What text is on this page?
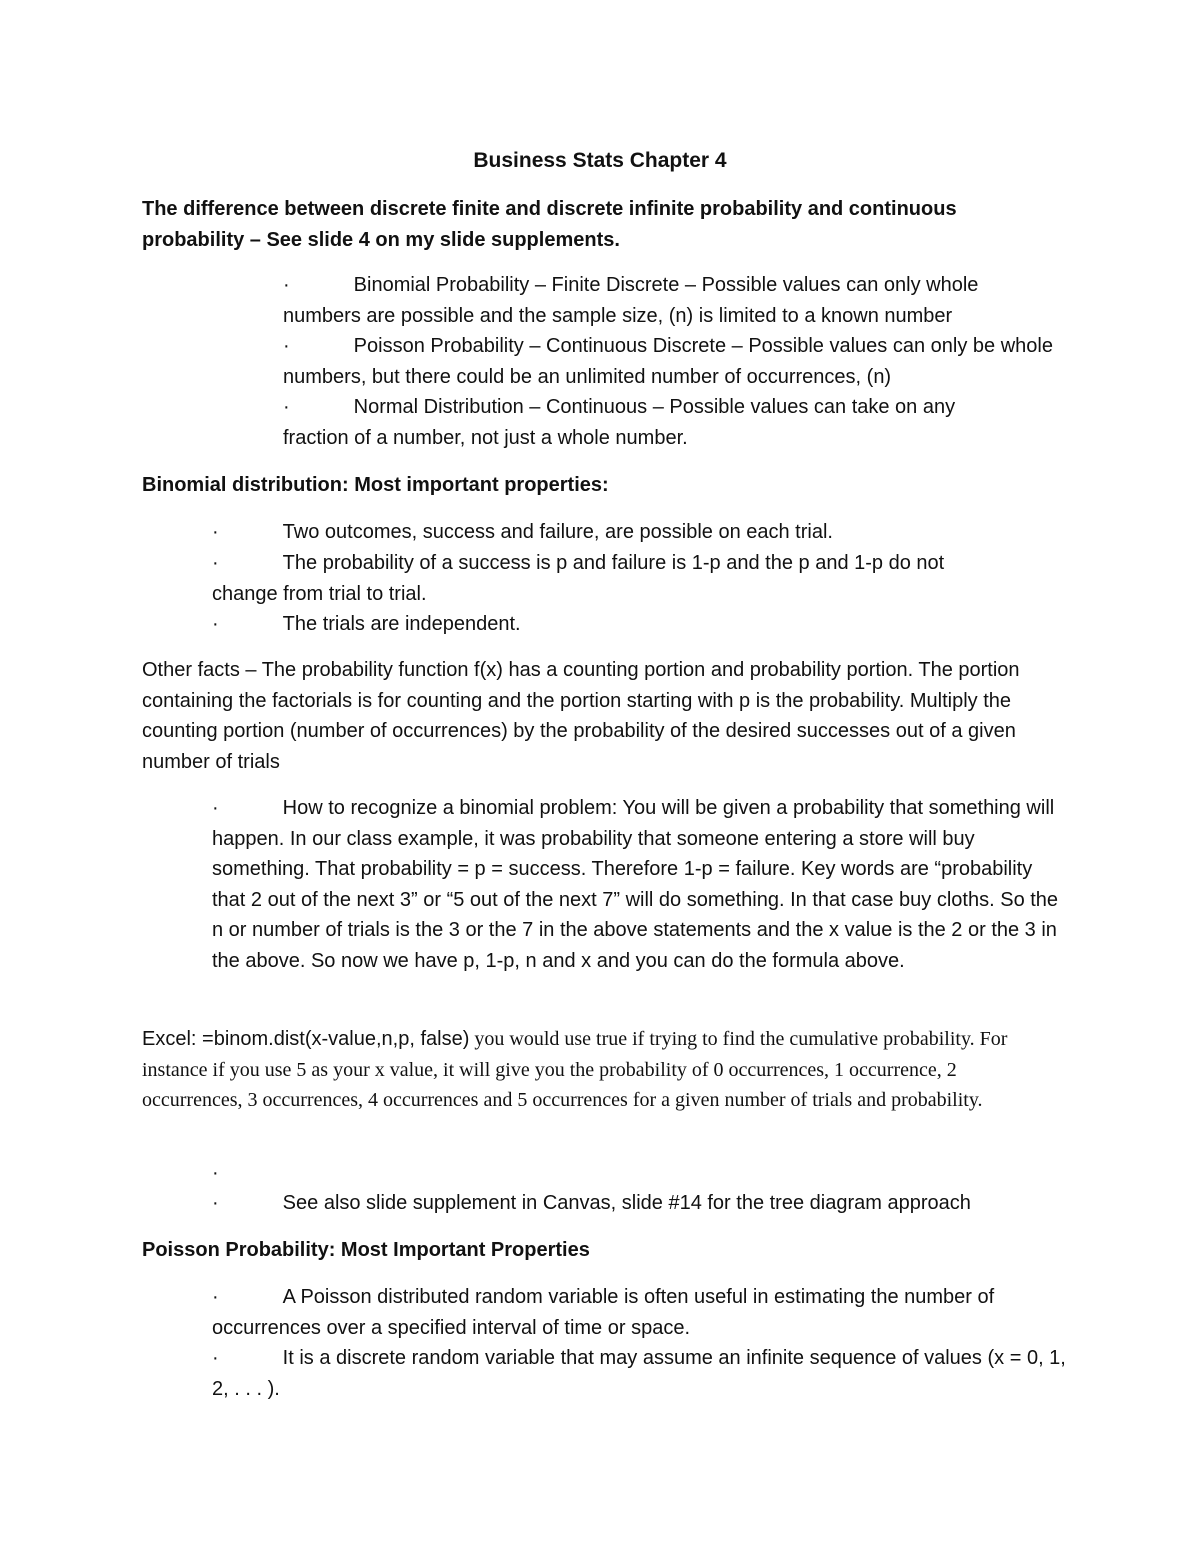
Business Stats Chapter 4

The difference between discrete finite and discrete infinite probability and continuous probability – See slide 4 on my slide supplements.

·	Binomial Probability – Finite Discrete – Possible values can only whole numbers are possible and the sample size, (n) is limited to a known number
·	Poisson Probability – Continuous Discrete – Possible values can only be whole numbers, but there could be an unlimited number of occurrences, (n)
·	Normal Distribution – Continuous – Possible values can take on any fraction of a number, not just a whole number.

Binomial distribution: Most important properties:

·	Two outcomes, success and failure, are possible on each trial.
·	The probability of a success is p and failure is 1-p and the p and 1-p do not change from trial to trial.
·	The trials are independent.

Other facts – The probability function f(x) has a counting portion and probability portion. The portion containing the factorials is for counting and the portion starting with p is the probability. Multiply the counting portion (number of occurrences) by the probability of the desired successes out of a given number of trials

·	How to recognize a binomial problem: You will be given a probability that something will happen. In our class example, it was probability that someone entering a store will buy something. That probability = p = success. Therefore 1-p = failure. Key words are “probability that 2 out of the next 3” or “5 out of the next 7” will do something. In that case buy cloths. So the n or number of trials is the 3 or the 7 in the above statements and the x value is the 2 or the 3 in the above. So now we have p, 1-p, n and x and you can do the formula above.

Excel: =binom.dist(x-value,n,p, false) you would use true if trying to find the cumulative probability. For instance if you use 5 as your x value, it will give you the probability of 0 occurrences, 1 occurrence, 2 occurrences, 3 occurrences, 4 occurrences and 5 occurrences for a given number of trials and probability.

·
·	See also slide supplement in Canvas, slide #14 for the tree diagram approach

Poisson Probability: Most Important Properties

·	A Poisson distributed random variable is often useful in estimating the number of occurrences over a specified interval of time or space.
·	It is a discrete random variable that may assume an infinite sequence of values (x = 0, 1, 2, . . . ).
